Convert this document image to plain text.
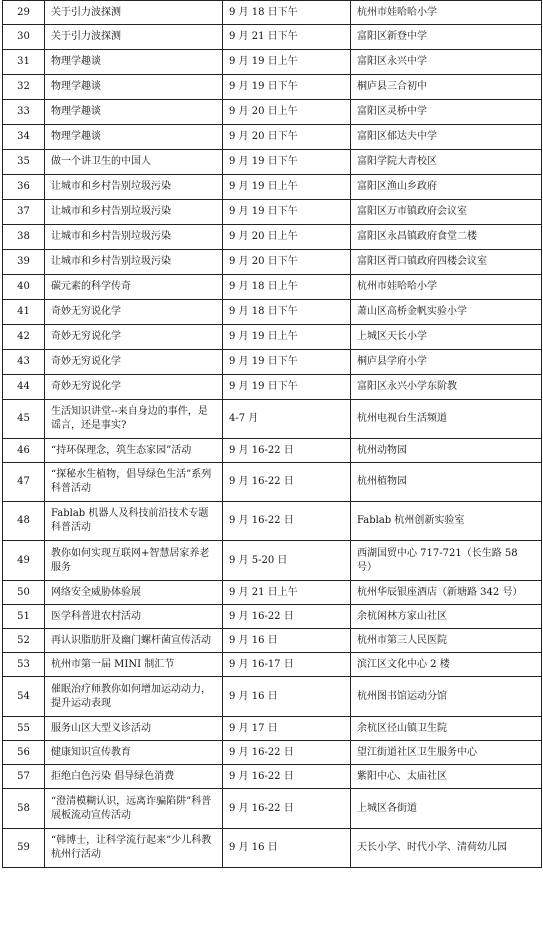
29	关于引力波探测	9 月 18 日下午	杭州市娃哈哈小学
30	关于引力波探测	9 月 21 日下午	富阳区新登中学
31	物理学趣谈	9 月 19 日上午	富阳区永兴中学
32	物理学趣谈	9 月 19 日下午	桐庐县三合初中
33	物理学趣谈	9 月 20 日上午	富阳区灵桥中学
34	物理学趣谈	9 月 20 日下午	富阳区郁达夫中学
35	做一个讲卫生的中国人	9 月 19 日下午	富阳学院大青校区
36	让城市和乡村告别垃圾污染	9 月 19 日上午	富阳区渔山乡政府
37	让城市和乡村告别垃圾污染	9 月 19 日下午	富阳区万市镇政府会议室
38	让城市和乡村告别垃圾污染	9 月 20 日上午	富阳区永昌镇政府食堂二楼
39	让城市和乡村告别垃圾污染	9 月 20 日下午	富阳区胥口镇政府四楼会议室
40	碳元素的科学传奇	9 月 18 日上午	杭州市娃哈哈小学
41	奇妙无穷说化学	9 月 18 日下午	萧山区高桥金帆实验小学
42	奇妙无穷说化学	9 月 19 日上午	上城区天长小学
43	奇妙无穷说化学	9 月 19 日下午	桐庐县学府小学
44	奇妙无穷说化学	9 月 19 日下午	富阳区永兴小学东阶教
45	生活知识讲堂--来自身边的事件，是谣言，还是事实?	4-7 月	杭州电视台生活频道
46	“持环保理念，筑生态家园”活动	9 月 16-22 日	杭州动物园
47	“探秘水生植物，倡导绿色生活”系列科普活动	9 月 16-22 日	杭州植物园
48	Fablab 机器人及科技前沿技术专题科普活动	9 月 16-22 日	Fablab 杭州创新实验室
49	教你如何实现互联网+智慧居家养老服务	9 月 5-20 日	西湖国贸中心 717-721（长生路 58 号）
50	网络安全威胁体验展	9 月 21 日上午	杭州华辰银座酒店（新塘路 342 号）
51	医学科普进农村活动	9 月 16-22 日	余杭闲林方家山社区
52	再认识脂肪肝及幽门螺杆菌宣传活动	9 月 16 日	杭州市第三人民医院
53	杭州市第一届 MINI 制汇节	9 月 16-17 日	滨江区文化中心 2 楼
54	催眠治疗师教你如何增加运动动力，提升运动表现	9 月 16 日	杭州图书馆运动分馆
55	服务山区大型义诊活动	9 月 17 日	余杭区径山镇卫生院
56	健康知识宣传教育	9 月 16-22 日	望江街道社区卫生服务中心
57	拒绝白色污染 倡导绿色消费	9 月 16-22 日	紫阳中心、太庙社区
58	“澄清模糊认识，远离诈骗陷阱”科普展板流动宣传活动	9 月 16-22 日	上城区各街道
59	“韩博士，让科学流行起来”少儿科教杭州行活动	9 月 16 日	天长小学、时代小学、清荷幼儿园
